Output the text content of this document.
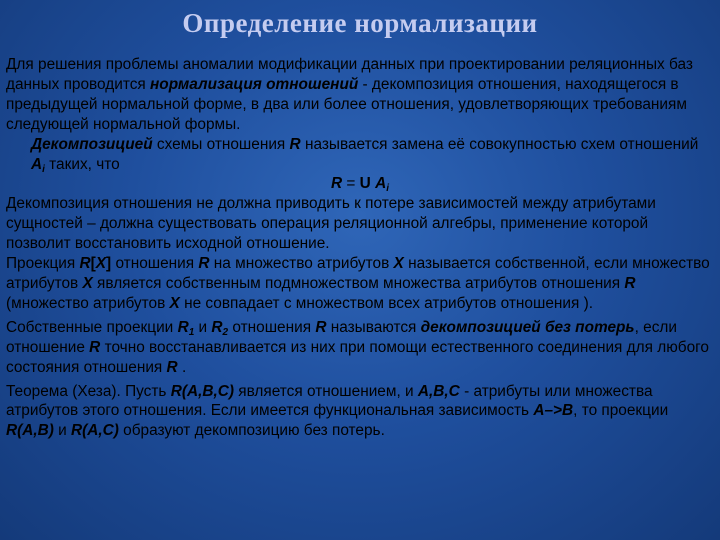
Определение нормализации

Для решения проблемы аномалии модификации данных при проектировании реляционных баз данных проводится нормализация отношений - декомпозиция отношения, находящегося в предыдущей нормальной форме, в два или более отношения, удовлетворяющих требованиям следующей нормальной формы.

Декомпозицией схемы отношения R называется замена её совокупностью схем отношений $A_i$ таких, что

R = U $A_i$

Декомпозиция отношения не должна приводить к потере зависимостей между атрибутами сущностей – должна существовать операция реляционной алгебры, применение которой позволит восстановить исходной отношение.

Проекция R[X] отношения R на множество атрибутов X называется собственной, если множество атрибутов X является собственным подмножеством множества атрибутов отношения R (множество атрибутов X не совпадает с множеством всех атрибутов отношения ).

Собственные проекции $R_1$ и $R_2$ отношения R называются декомпозицией без потерь, если отношение R точно восстанавливается из них при помощи естественного соединения для любого состояния отношения R .

Теорема (Хеза). Пусть R(A,B,C) является отношением, и A,B,C - атрибуты или множества атрибутов этого отношения. Если имеется функциональная зависимость A–>B, то проекции R(A,B) и R(A,C) образуют декомпозицию без потерь.
